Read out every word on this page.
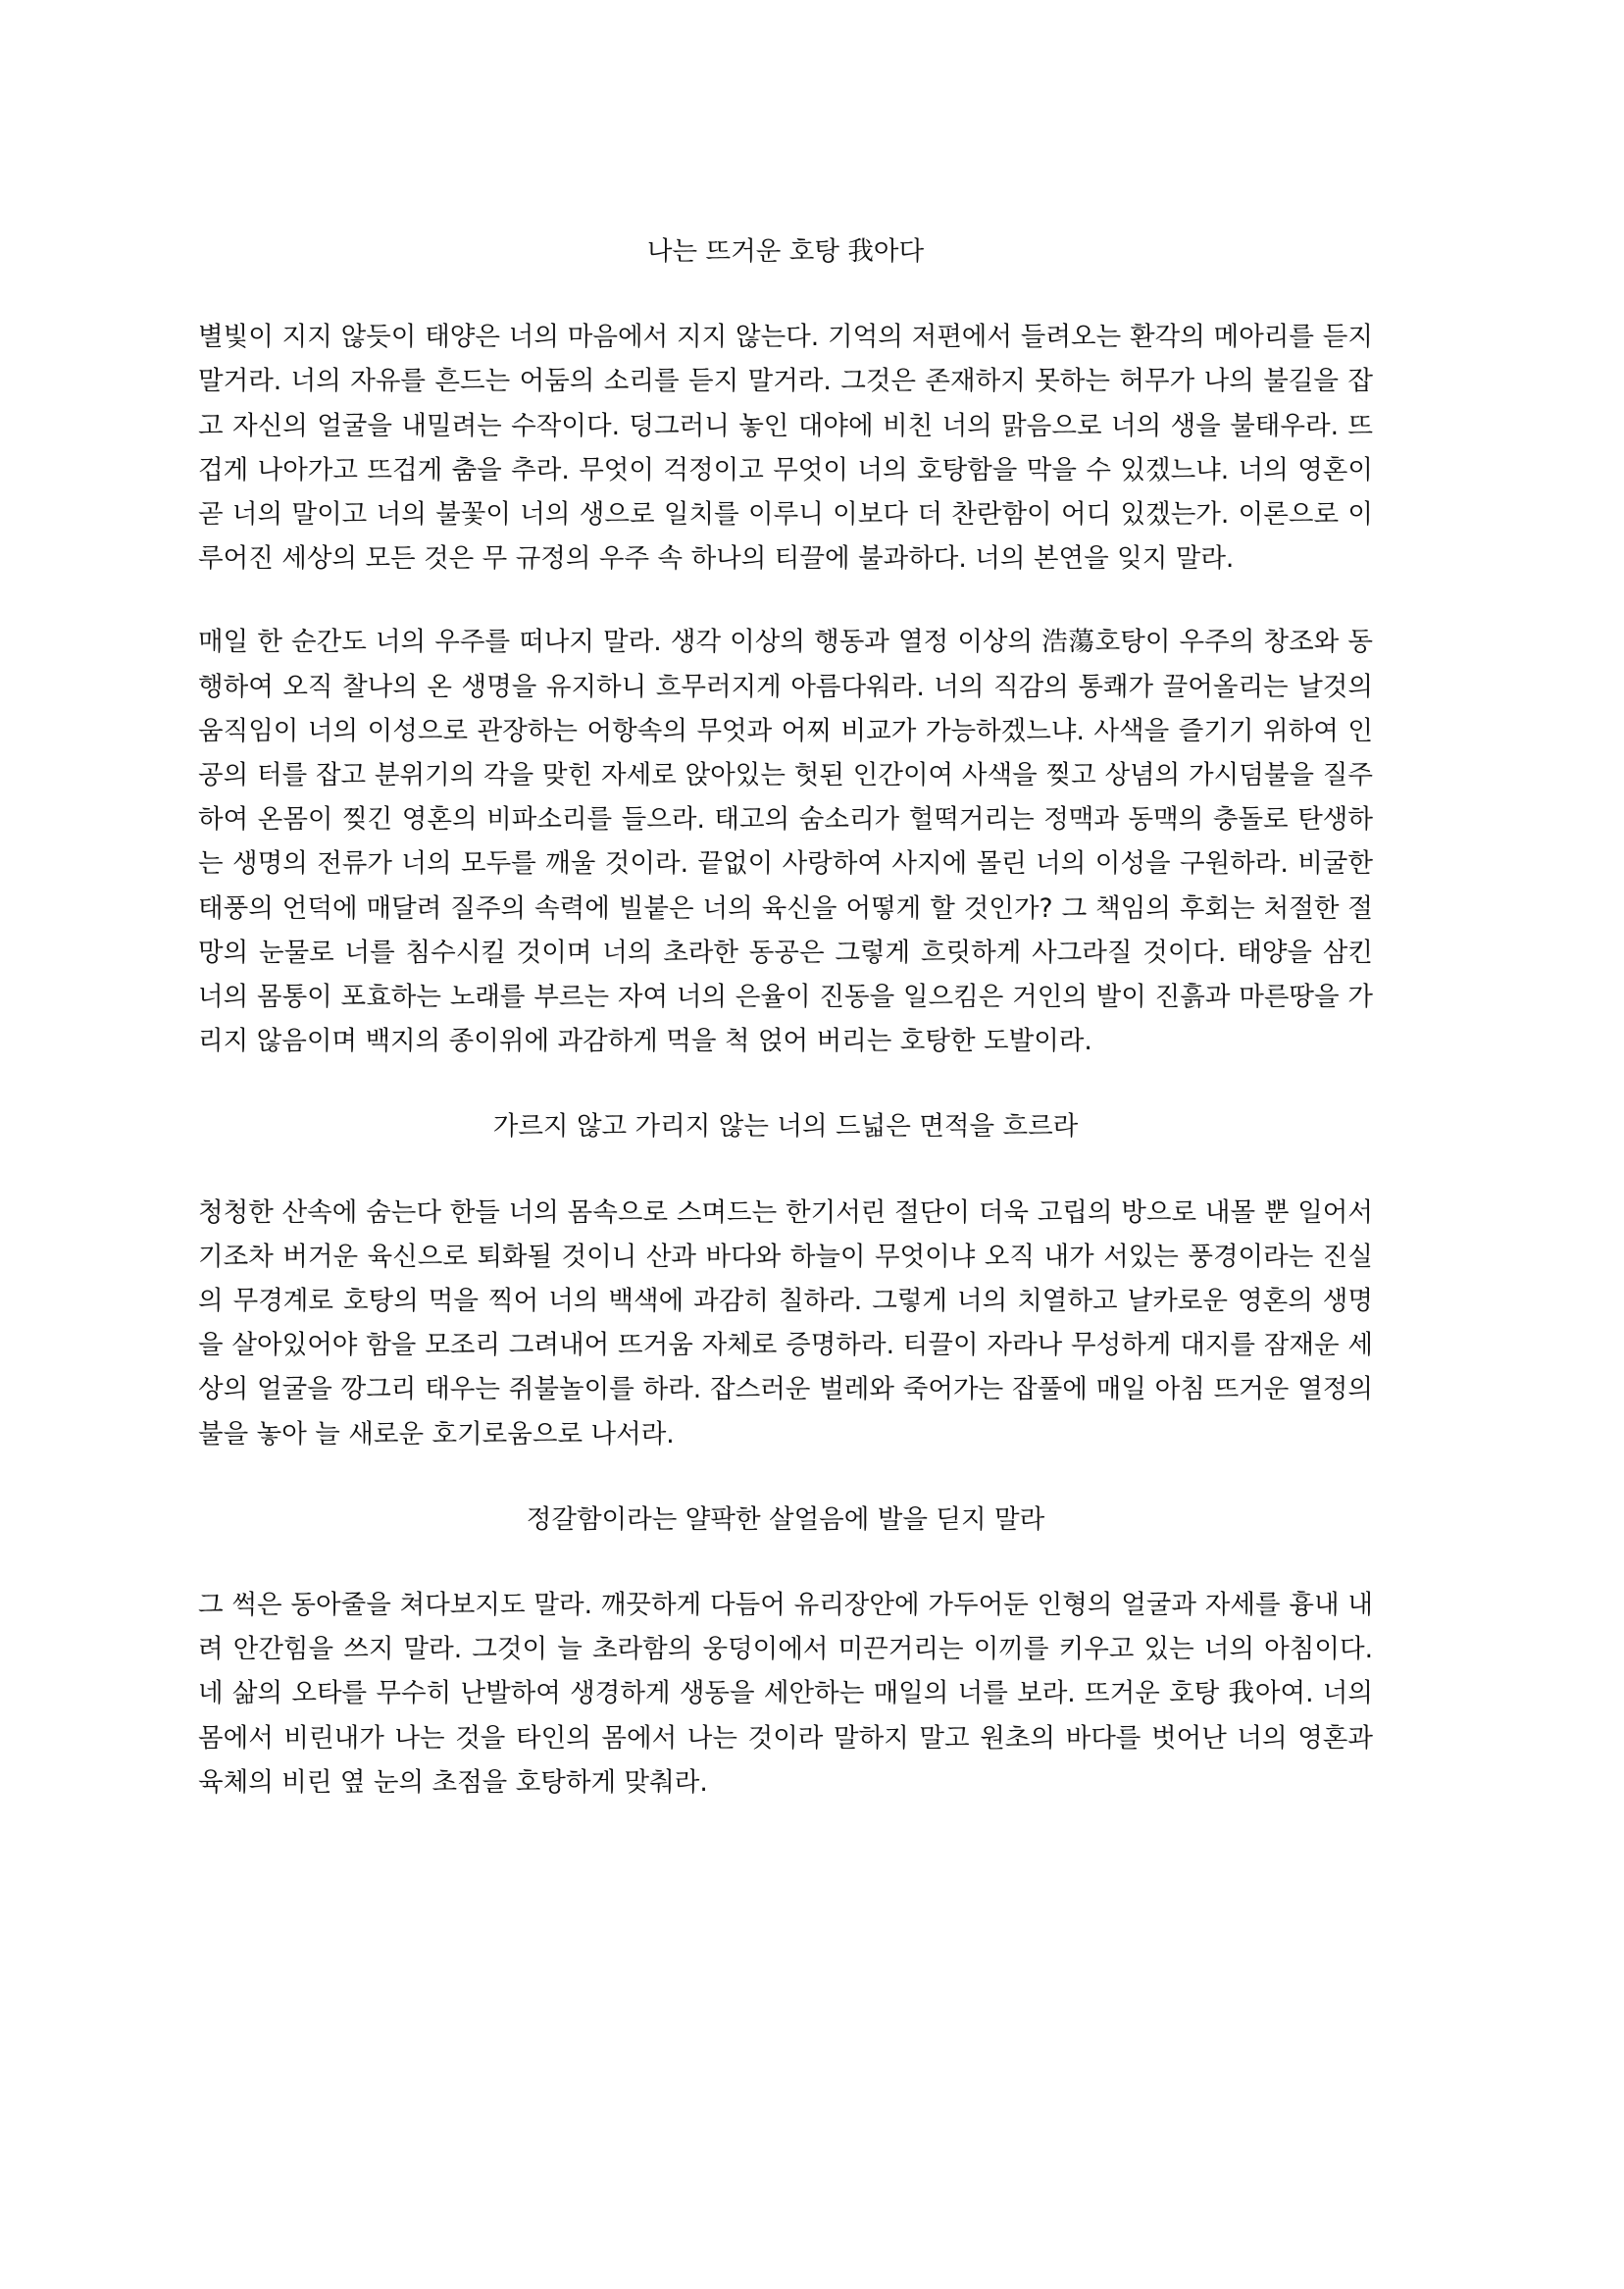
나는 뜨거운 호탕 我아다

별빛이 지지 않듯이 태양은 너의 마음에서 지지 않는다. 기억의 저편에서 들려오는 환각의 메아리를 듣지 말거라. 너의 자유를 흔드는 어둠의 소리를 듣지 말거라. 그것은 존재하지 못하는 허무가 나의 불길을 잡고 자신의 얼굴을 내밀려는 수작이다. 덩그러니 놓인 대야에 비친 너의 맑음으로 너의 생을 불태우라. 뜨겁게 나아가고 뜨겁게 춤을 추라. 무엇이 걱정이고 무엇이 너의 호탕함을 막을 수 있겠느냐. 너의 영혼이 곧 너의 말이고 너의 불꽃이 너의 생으로 일치를 이루니 이보다 더 찬란함이 어디 있겠는가. 이론으로 이루어진 세상의 모든 것은 무 규정의 우주 속 하나의 티끌에 불과하다. 너의 본연을 잊지 말라.

매일 한 순간도 너의 우주를 떠나지 말라. 생각 이상의 행동과 열정 이상의 浩蕩호탕이 우주의 창조와 동행하여 오직 찰나의 온 생명을 유지하니 흐무러지게 아름다워라. 너의 직감의 통쾌가 끌어올리는 날것의 움직임이 너의 이성으로 관장하는 어항속의 무엇과 어찌 비교가 가능하겠느냐. 사색을 즐기기 위하여 인공의 터를 잡고 분위기의 각을 맞힌 자세로 앉아있는 헛된 인간이여 사색을 찢고 상념의 가시덤불을 질주하여 온몸이 찢긴 영혼의 비파소리를 들으라. 태고의 숨소리가 헐떡거리는 정맥과 동맥의 충돌로 탄생하는 생명의 전류가 너의 모두를 깨울 것이라. 끝없이 사랑하여 사지에 몰린 너의 이성을 구원하라. 비굴한 태풍의 언덕에 매달려 질주의 속력에 빌붙은 너의 육신을 어떻게 할 것인가? 그 책임의 후회는 처절한 절망의 눈물로 너를 침수시킬 것이며 너의 초라한 동공은 그렇게 흐릿하게 사그라질 것이다. 태양을 삼킨 너의 몸통이 포효하는 노래를 부르는 자여 너의 은율이 진동을 일으킴은 거인의 발이 진흙과 마른땅을 가리지 않음이며 백지의 종이위에 과감하게 먹을 척 얹어 버리는 호탕한 도발이라.

가르지 않고 가리지 않는 너의 드넓은 면적을 흐르라

청청한 산속에 숨는다 한들 너의 몸속으로 스며드는 한기서린 절단이 더욱 고립의 방으로 내몰 뿐 일어서기조차 버거운 육신으로 퇴화될 것이니 산과 바다와 하늘이 무엇이냐 오직 내가 서있는 풍경이라는 진실의 무경계로 호탕의 먹을 찍어 너의 백색에 과감히 칠하라. 그렇게 너의 치열하고 날카로운 영혼의 생명을 살아있어야 함을 모조리 그려내어 뜨거움 자체로 증명하라. 티끌이 자라나 무성하게 대지를 잠재운 세상의 얼굴을 깡그리 태우는 쥐불놀이를 하라. 잡스러운 벌레와 죽어가는 잡풀에 매일 아침 뜨거운 열정의 불을 놓아 늘 새로운 호기로움으로 나서라.

정갈함이라는 얄팍한 살얼음에 발을 딛지 말라

그 썩은 동아줄을 쳐다보지도 말라. 깨끗하게 다듬어 유리장안에 가두어둔 인형의 얼굴과 자세를 흉내 내려 안간힘을 쓰지 말라. 그것이 늘 초라함의 웅덩이에서 미끈거리는 이끼를 키우고 있는 너의 아침이다. 네 삶의 오타를 무수히 난발하여 생경하게 생동을 세안하는 매일의 너를 보라. 뜨거운 호탕 我아여. 너의 몸에서 비린내가 나는 것을 타인의 몸에서 나는 것이라 말하지 말고 원초의 바다를 벗어난 너의 영혼과 육체의 비린 옆 눈의 초점을 호탕하게 맞춰라.
